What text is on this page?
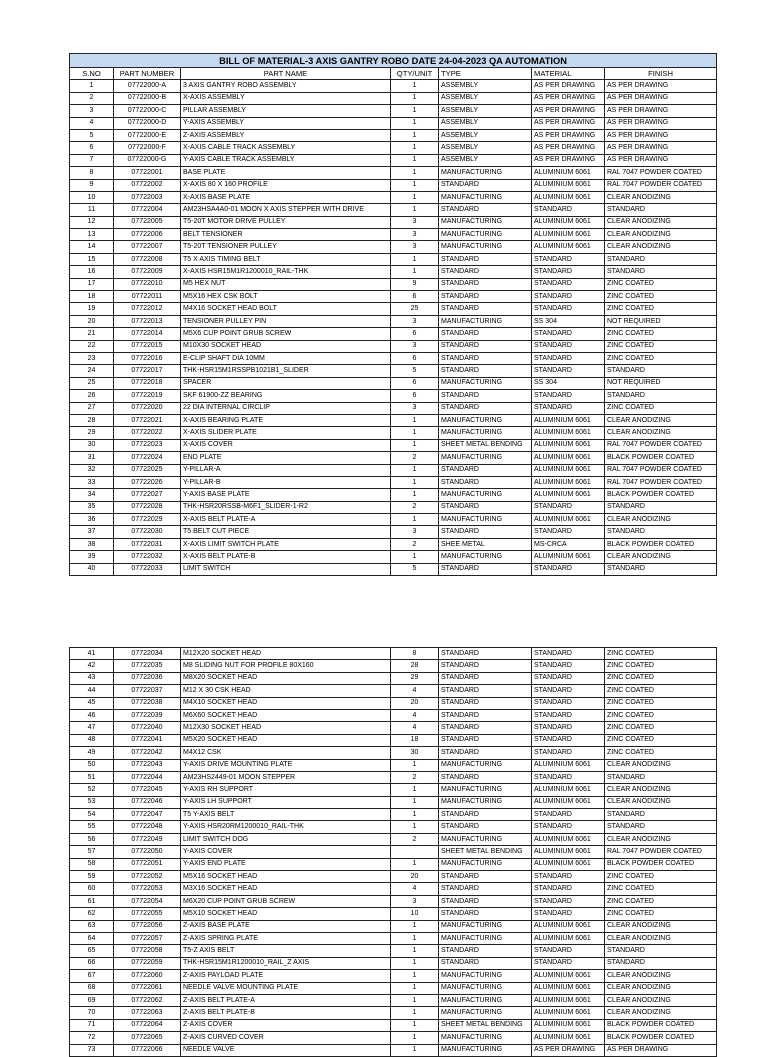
BILL OF MATERIAL-3 AXIS GANTRY ROBO DATE 24-04-2023 QA AUTOMATION						
S.NO	PART NUMBER	PART NAME	QTY/UNIT	TYPE	MATERIAL	FINISH
1	07722000-A	3 AXIS GANTRY ROBO ASSEMBLY	1	ASSEMBLY	AS PER DRAWING	AS PER DRAWING
2	07722000-B	X-AXIS ASSEMBLY	1	ASSEMBLY	AS PER DRAWING	AS PER DRAWING
3	07722000-C	PILLAR ASSEMBLY	1	ASSEMBLY	AS PER DRAWING	AS PER DRAWING
4	07722000-D	Y-AXIS ASSEMBLY	1	ASSEMBLY	AS PER DRAWING	AS PER DRAWING
5	07722000-E	Z-AXIS ASSEMBLY	1	ASSEMBLY	AS PER DRAWING	AS PER DRAWING
6	07722000-F	X-AXIS CABLE TRACK ASSEMBLY	1	ASSEMBLY	AS PER DRAWING	AS PER DRAWING
7	07722000-G	Y-AXIS CABLE TRACK ASSEMBLY	1	ASSEMBLY	AS PER DRAWING	AS PER DRAWING
8	07722001	BASE PLATE	1	MANUFACTURING	ALUMINIUM 6061	RAL 7047 POWDER COATED
9	07722002	X-AXIS 80 X 160 PROFILE	1	STANDARD	ALUMINIUM 6061	RAL 7047 POWDER COATED
10	07722003	X-AXIS BASE PLATE	1	MANUFACTURING	ALUMINIUM 6061	CLEAR ANODIZING
11	07722004	AM23HSA4A0-01 MOON X AXIS STEPPER WITH DRIVE	1	STANDARD	STANDARD	STANDARD
12	07722005	T5-20T MOTOR DRIVE PULLEY	3	MANUFACTURING	ALUMINIUM 6061	CLEAR ANODIZING
13	07722006	BELT TENSIONER	3	MANUFACTURING	ALUMINIUM 6061	CLEAR ANODIZING
14	07722007	T5-20T TENSIONER PULLEY	3	MANUFACTURING	ALUMINIUM 6061	CLEAR ANODIZING
15	07722008	T5 X AXIS TIMING BELT	1	STANDARD	STANDARD	STANDARD
16	07722009	X-AXIS HSR15M1R1200010_RAIL-THK	1	STANDARD	STANDARD	STANDARD
17	07722010	M5 HEX NUT	9	STANDARD	STANDARD	ZINC COATED
18	07722011	M5X16 HEX CSK BOLT	6	STANDARD	STANDARD	ZINC COATED
19	07722012	M4X16 SOCKET HEAD BOLT	25	STANDARD	STANDARD	ZINC COATED
20	07722013	TENSIONER PULLEY PIN	3	MANUFACTURING	SS 304	NOT REQUIRED
21	07722014	M5X6 CUP POINT GRUB SCREW	6	STANDARD	STANDARD	ZINC COATED
22	07722015	M10X30 SOCKET HEAD	3	STANDARD	STANDARD	ZINC COATED
23	07722016	E-CLIP SHAFT DIA 10MM	6	STANDARD	STANDARD	ZINC COATED
24	07722017	THK-HSR15M1RSSPB1021B1_SLIDER	5	STANDARD	STANDARD	STANDARD
25	07722018	SPACER	6	MANUFACTURING	SS 304	NOT REQUIRED
26	07722019	SKF 61900-ZZ BEARING	6	STANDARD	STANDARD	STANDARD
27	07722020	22 DIA INTERNAL CIRCLIP	3	STANDARD	STANDARD	ZINC COATED
28	07722021	X-AXIS BEARING PLATE	1	MANUFACTURING	ALUMINIUM 6061	CLEAR ANODIZING
29	07722022	X-AXIS SLIDER PLATE	1	MANUFACTURING	ALUMINIUM 6061	CLEAR ANODIZING
30	07722023	X-AXIS COVER	1	SHEET METAL BENDING	ALUMINIUM 6061	RAL 7047 POWDER COATED
31	07722024	END PLATE	2	MANUFACTURING	ALUMINIUM 6061	BLACK POWDER COATED
32	07722025	Y-PILLAR-A	1	STANDARD	ALUMINIUM 6061	RAL 7047 POWDER COATED
33	07722026	Y-PILLAR-B	1	STANDARD	ALUMINIUM 6061	RAL 7047 POWDER COATED
34	07722027	Y-AXIS BASE PLATE	1	MANUFACTURING	ALUMINIUM 6061	BLACK POWDER COATED
35	07722028	THK-HSR20RSSB-M6F1_SLIDER-1-R2	2	STANDARD	STANDARD	STANDARD
36	07722029	X-AXIS BELT PLATE-A	1	MANUFACTURING	ALUMINIUM 6061	CLEAR ANODIZING
37	07722030	T5 BELT CUT PIECE	3	STANDARD	STANDARD	STANDARD
38	07722031	X-AXIS LIMIT SWITCH PLATE	2	SHEE METAL	MS-CRCA	BLACK POWDER COATED
39	07722032	X-AXIS BELT PLATE-B	1	MANUFACTURING	ALUMINIUM 6061	CLEAR ANODIZING
40	07722033	LIMIT SWITCH	5	STANDARD	STANDARD	STANDARD
41	07722034	M12X20 SOCKET HEAD	8	STANDARD	STANDARD	ZINC COATED
42	07722035	M8 SLIDING NUT FOR PROFILE 80X160	28	STANDARD	STANDARD	ZINC COATED
43	07722036	M8X20 SOCKET HEAD	29	STANDARD	STANDARD	ZINC COATED
44	07722037	M12 X 30 CSK HEAD	4	STANDARD	STANDARD	ZINC COATED
45	07722038	M4X10 SOCKET HEAD	20	STANDARD	STANDARD	ZINC COATED
46	07722039	M6X60 SOCKET HEAD	4	STANDARD	STANDARD	ZINC COATED
47	07722040	M12X30 SOCKET HEAD	4	STANDARD	STANDARD	ZINC COATED
48	07722041	M5X20 SOCKET HEAD	18	STANDARD	STANDARD	ZINC COATED
49	07722042	M4X12 CSK	30	STANDARD	STANDARD	ZINC COATED
50	07722043	Y-AXIS DRIVE MOUNTING PLATE	1	MANUFACTURING	ALUMINIUM 6061	CLEAR ANODIZING
51	07722044	AM23HS2449-01 MOON STEPPER	2	STANDARD	STANDARD	STANDARD
52	07722045	Y-AXIS RH SUPPORT	1	MANUFACTURING	ALUMINIUM 6061	CLEAR ANODIZING
53	07722046	Y-AXIS LH SUPPORT	1	MANUFACTURING	ALUMINIUM 6061	CLEAR ANODIZING
54	07722047	T5 Y-AXIS BELT	1	STANDARD	STANDARD	STANDARD
55	07722048	Y-AXIS HSR20RM1200010_RAIL-THK	1	STANDARD	STANDARD	STANDARD
56	07722049	LIMIT SWITCH DOG	2	MANUFACTURING	ALUMINIUM 6061	CLEAR ANODIZING
57	07722050	Y-AXIS COVER		SHEET METAL BENDING	ALUMINIUM 6061	RAL 7047 POWDER COATED
58	07722051	Y-AXIS END PLATE	1	MANUFACTURING	ALUMINIUM 6061	BLACK POWDER COATED
59	07722052	M5X16 SOCKET HEAD	20	STANDARD	STANDARD	ZINC COATED
60	07722053	M3X16 SOCKET HEAD	4	STANDARD	STANDARD	ZINC COATED
61	07722054	M6X20 CUP POINT GRUB SCREW	3	STANDARD	STANDARD	ZINC COATED
62	07722055	M5X10 SOCKET HEAD	10	STANDARD	STANDARD	ZINC COATED
63	07722056	Z-AXIS BASE PLATE	1	MANUFACTURING	ALUMINIUM 6061	CLEAR ANODIZING
64	07722057	Z-AXIS SPRING PLATE	1	MANUFACTURING	ALUMINIUM 6061	CLEAR ANODIZING
65	07722058	T5-Z AXIS BELT	1	STANDARD	STANDARD	STANDARD
66	07722059	THK-HSR15M1R1200010_RAIL_Z AXIS	1	STANDARD	STANDARD	STANDARD
67	07722060	Z-AXIS PAYLOAD PLATE	1	MANUFACTURING	ALUMINIUM 6061	CLEAR ANODIZING
68	07722061	NEEDLE VALVE MOUNTING PLATE	1	MANUFACTURING	ALUMINIUM 6061	CLEAR ANODIZING
69	07722062	Z-AXIS BELT PLATE-A	1	MANUFACTURING	ALUMINIUM 6061	CLEAR ANODIZING
70	07722063	Z-AXIS BELT PLATE-B	1	MANUFACTURING	ALUMINIUM 6061	CLEAR ANODIZING
71	07722064	Z-AXIS COVER	1	SHEET METAL BENDING	ALUMINIUM 6061	BLACK POWDER COATED
72	07722065	Z-AXIS CURVED COVER	1	MANUFACTURING	ALUMINIUM 6061	BLACK POWDER COATED
73	07722066	NEEDLE VALVE	1	MANUFACTURING	AS PER DRAWING	AS PER DRAWING
